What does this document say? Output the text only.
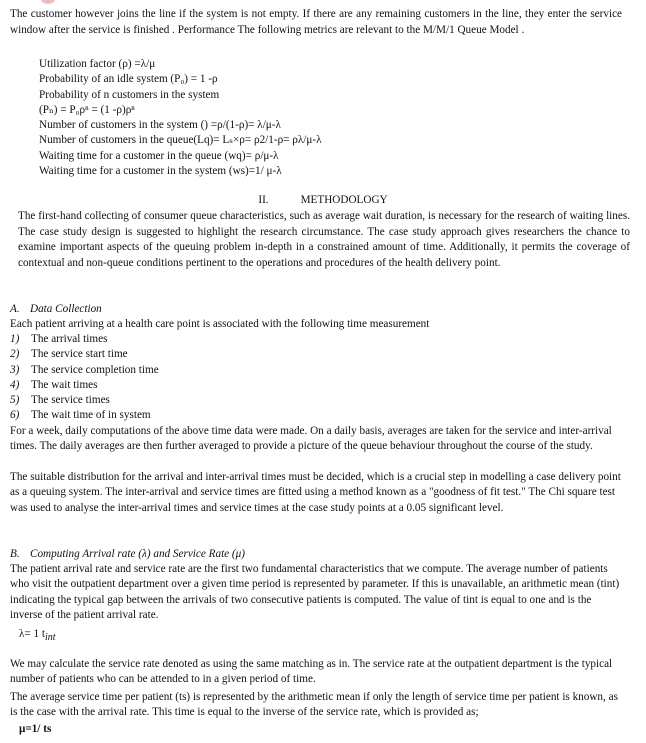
The customer however joins the line if the system is not empty. If there are any remaining customers in the line, they enter the service window after the service is finished . Performance The following metrics are relevant to the M/M/1 Queue Model .

Utilization factor (ρ) =λ/μ
Probability of an idle system (P₀) = 1 -ρ
Probability of n customers in the system
(Pₙ) = P₀ρⁿ = (1 -ρ)ρⁿ
Number of customers in the system () =ρ/(1-ρ)= λ/μ-λ
Number of customers in the queue(Lq)= Lₛ×ρ= ρ2/1-ρ= ρλ/μ-λ
Waiting time for a customer in the queue (wq)= ρ/μ-λ
Waiting time for a customer in the system (ws)=1/ μ-λ
II.	METHODOLOGY

The first-hand collecting of consumer queue characteristics, such as average wait duration, is necessary for the research of waiting lines. The case study design is suggested to highlight the research circumstance. The case study approach gives researchers the chance to examine important aspects of the queuing problem in-depth in a constrained amount of time. Additionally, it permits the coverage of contextual and non-queue conditions pertinent to the operations and procedures of the health delivery point.

A. Data Collection
Each patient arriving at a health care point is associated with the following time measurement
1) The arrival times
2) The service start time
3) The service completion time
4) The wait times
5) The service times
6) The wait time of in system

For a week, daily computations of the above time data were made. On a daily basis, averages are taken for the service and inter-arrival times. The daily averages are then further averaged to provide a picture of the queue behaviour throughout the course of the study.

The suitable distribution for the arrival and inter-arrival times must be decided, which is a crucial step in modelling a case delivery point as a queuing system. The inter-arrival and service times are fitted using a method known as a "goodness of fit test." The Chi square test was used to analyse the inter-arrival times and service times at the case study points at a 0.05 significant level.

B. Computing Arrival rate (λ) and Service Rate (μ)

The patient arrival rate and service rate are the first two fundamental characteristics that we compute. The average number of patients who visit the outpatient department over a given time period is represented by parameter. If this is unavailable, an arithmetic mean (tint) indicating the typical gap between the arrivals of two consecutive patients is computed. The value of tint is equal to one and is the inverse of the patient arrival rate.

λ= 1 tint

We may calculate the service rate denoted as using the same matching as in. The service rate at the outpatient department is the typical number of patients who can be attended to in a given period of time.

The average service time per patient (ts) is represented by the arithmetic mean if only the length of service time per patient is known, as is the case with the arrival rate. This time is equal to the inverse of the service rate, which is provided as;

μ=1/ ts
